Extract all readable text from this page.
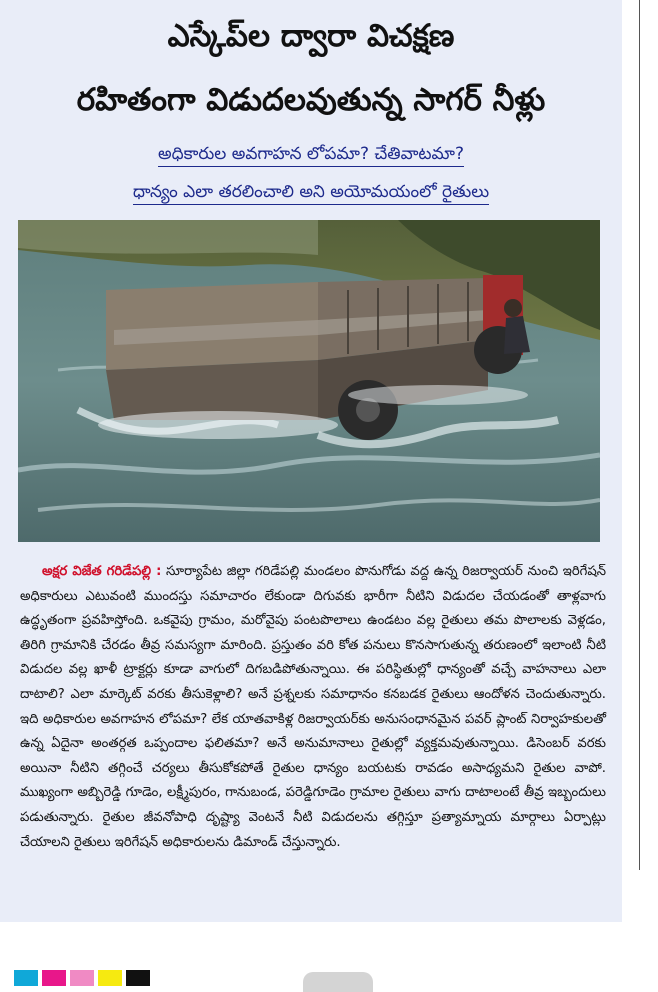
ఎస్కేప్‌ల ద్వారా విచక్షణ
రహితంగా విడుదలవుతున్న సాగర్ నీళ్లు

అధికారుల అవగాహన లోపమా? చేతివాటమా?

ధాన్యం ఎలా తరలించాలి అని అయోమయంలో రైతులు

అక్షర విజేత గరిడేపల్లి : సూర్యాపేట జిల్లా గరిడేపల్లి మండలం పొనుగోడు వద్ద ఉన్న రిజర్వాయర్ నుంచి ఇరిగేషన్ అధికారులు ఎటువంటి ముందస్తు సమాచారం లేకుండా దిగువకు భారీగా నీటిని విడుదల చేయడంతో తాళ్లవాగు ఉద్ధృతంగా ప్రవహిస్తోంది. ఒకవైపు గ్రామం, మరోవైపు పంటపొలాలు ఉండటం వల్ల రైతులు తమ పొలాలకు వెళ్లడం, తిరిగి గ్రామానికి చేరడం తీవ్ర సమస్యగా మారింది. ప్రస్తుతం వరి కోత పనులు కొనసాగుతున్న తరుణంలో ఇలాంటి నీటి విడుదల వల్ల ఖాళీ ట్రాక్టర్లు కూడా వాగులో దిగబడిపోతున్నాయి. ఈ పరిస్థితుల్లో ధాన్యంతో వచ్చే వాహనాలు ఎలా దాటాలి? ఎలా మార్కెట్ వరకు తీసుకెళ్లాలి? అనే ప్రశ్నలకు సమాధానం కనబడక రైతులు ఆందోళన చెందుతున్నారు. ఇది అధికారుల అవగాహన లోపమా? లేక యాతవాకిళ్ల రిజర్వాయర్‌కు అనుసంధానమైన పవర్ ప్లాంట్ నిర్వాహకులతో ఉన్న ఏదైనా అంతర్గత ఒప్పందాల ఫలితమా? అనే అనుమానాలు రైతుల్లో వ్యక్తమవుతున్నాయి. డిసెంబర్ వరకు అయినా నీటిని తగ్గించే చర్యలు తీసుకోకపోతే రైతుల ధాన్యం బయటకు రావడం అసాధ్యమని రైతుల వాపో. ముఖ్యంగా అబ్బిరెడ్డి గూడెం, లక్ష్మీపురం, గానుబండ, పరెడ్డిగూడెం గ్రామాల రైతులు వాగు దాటాలంటే తీవ్ర ఇబ్బందులు పడుతున్నారు. రైతుల జీవనోపాధి దృష్ట్యా వెంటనే నీటి విడుదలను తగ్గిస్తూ ప్రత్యామ్నాయ మార్గాలు ఏర్పాట్లు చేయాలని రైతులు ఇరిగేషన్ అధికారులను డిమాండ్ చేస్తున్నారు.
